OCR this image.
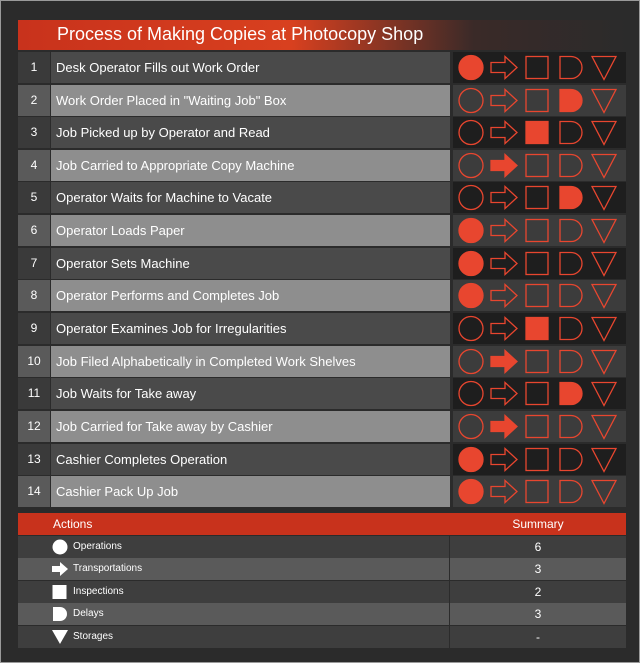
Process of Making Copies at Photocopy Shop
1	Desk Operator Fills out Work Order
2	Work Order Placed in "Waiting Job" Box
3	Job Picked up by Operator and Read
4	Job Carried to Appropriate Copy Machine
5	Operator Waits for Machine to Vacate
6	Operator Loads Paper
7	Operator Sets Machine
8	Operator Performs and Completes Job
9	Operator Examines Job for Irregularities
10	Job Filed Alphabetically in Completed Work Shelves
11	Job Waits for Take away
12	Job Carried for Take away by Cashier
13	Cashier Completes Operation
14	Cashier Pack Up Job
Actions	Summary
Operations	6
Transportations	3
Inspections	2
Delays	3
Storages	-
